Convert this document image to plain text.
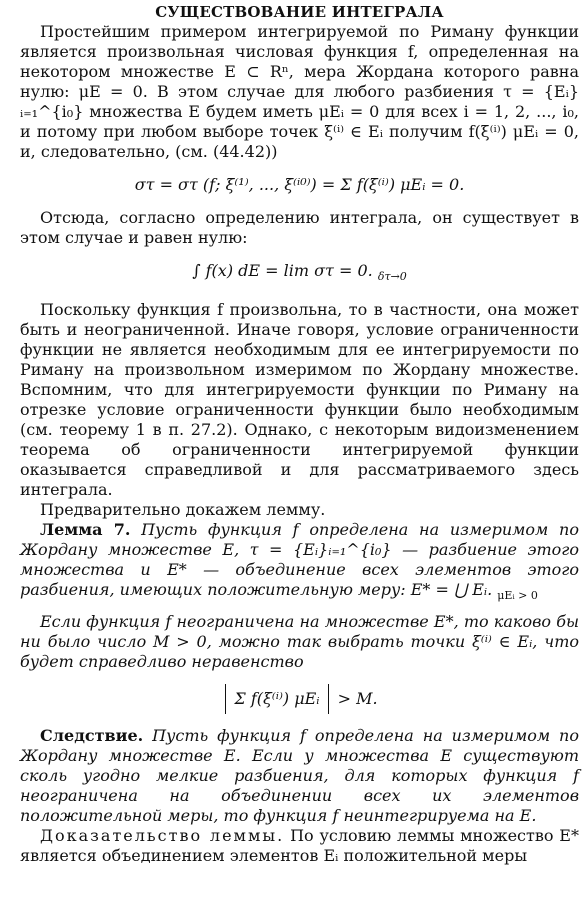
СУЩЕСТВОВАНИЕ ИНТЕГРАЛА

Простейшим примером интегрируемой по Риману функции является произвольная числовая функция f, определенная на некотором множестве E ⊂ Rⁿ, мера Жордана которого равна нулю: μE = 0. В этом случае для любого разбиения τ = {Eᵢ}ᵢ₌₁^{i₀} множества E будем иметь μEᵢ = 0 для всех i = 1, 2, ..., i₀, и потому при любом выборе точек ξ⁽ⁱ⁾ ∈ Eᵢ получим f(ξ⁽ⁱ⁾) μEᵢ = 0, и, следовательно, (см. (44.42))

στ = στ (f; ξ⁽¹⁾, ..., ξ⁽ⁱ⁰⁾) = Σ f(ξ⁽ⁱ⁾) μEᵢ = 0.

Отсюда, согласно определению интеграла, он существует в этом случае и равен нулю:

∫ f(x) dE = lim στ = 0. $_{\delta\tau\to 0}$

Поскольку функция f произвольна, то в частности, она может быть и неограниченной. Иначе говоря, условие ограниченности функции не является необходимым для ее интегрируемости по Риману на произвольном измеримом по Жордану множестве. Вспомним, что для интегрируемости функции по Риману на отрезке условие ограниченности функции было необходимым (см. теорему 1 в п. 27.2). Однако, с некоторым видоизменением теорема об ограниченности интегрируемой функции оказывается справедливой и для рассматриваемого здесь интеграла.

Предварительно докажем лемму.

Лемма 7. Пусть функция f определена на измеримом по Жордану множестве E, τ = {Eᵢ}ᵢ₌₁^{i₀} — разбиение этого множества и E* — объединение всех элементов этого разбиения, имеющих положительную меру: E* = ⋃ Eᵢ. $_{\mu Eᵢ > 0}$

Если функция f неограничена на множестве E*, то каково бы ни было число M > 0, можно так выбрать точки ξ⁽ⁱ⁾ ∈ Eᵢ, что будет справедливо неравенство

Σ f(ξ⁽ⁱ⁾) μEᵢ > M.

Следствие. Пусть функция f определена на измеримом по Жордану множестве E. Если у множества E существуют сколь угодно мелкие разбиения, для которых функция f неограничена на объединении всех их элементов положительной меры, то функция f неинтегрируема на E.

Доказательство леммы. По условию леммы множество E* является объединением элементов Eᵢ положительной меры
